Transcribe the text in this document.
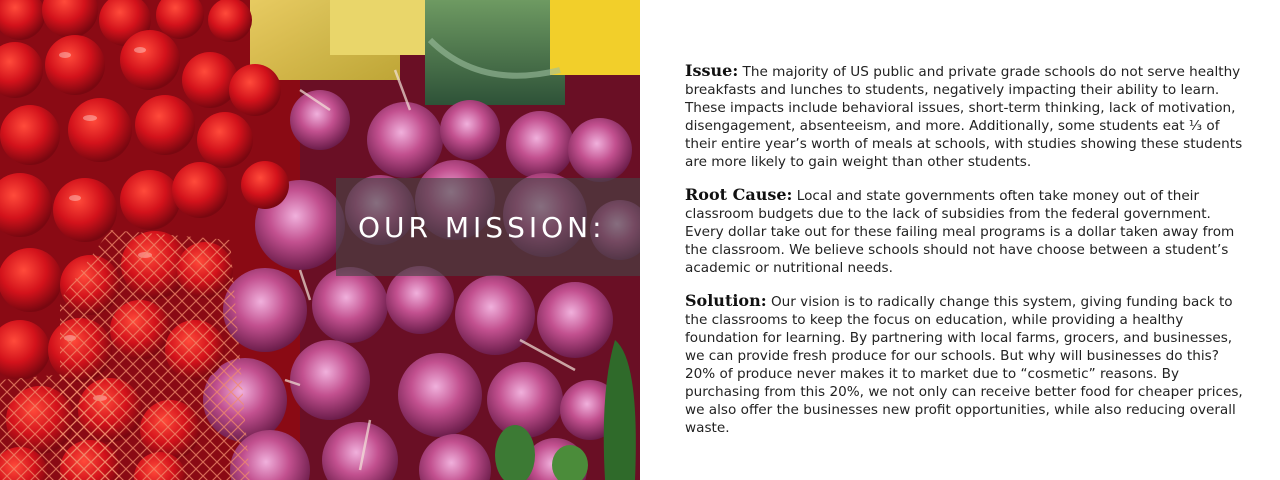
OUR MISSION:

Issue: The majority of US public and private grade schools do not serve healthy breakfasts and lunches to students, negatively impacting their ability to learn. These impacts include behavioral issues, short-term thinking, lack of motivation, disengagement, absenteeism, and more. Additionally, some students eat ⅓ of their entire year’s worth of meals at schools, with studies showing these students are more likely to gain weight than other students.

Root Cause: Local and state governments often take money out of their classroom budgets due to the lack of subsidies from the federal government. Every dollar take out for these failing meal programs is a dollar taken away from the classroom. We believe schools should not have choose between a student’s academic or nutritional needs.

Solution: Our vision is to radically change this system, giving funding back to the classrooms to keep the focus on education, while providing a healthy foundation for learning. By partnering with local farms, grocers, and businesses, we can provide fresh produce for our schools. But why will businesses do this? 20% of produce never makes it to market due to “cosmetic” reasons. By purchasing from this 20%, we not only can receive better food for cheaper prices, we also offer the businesses new profit opportunities, while also reducing overall waste.
